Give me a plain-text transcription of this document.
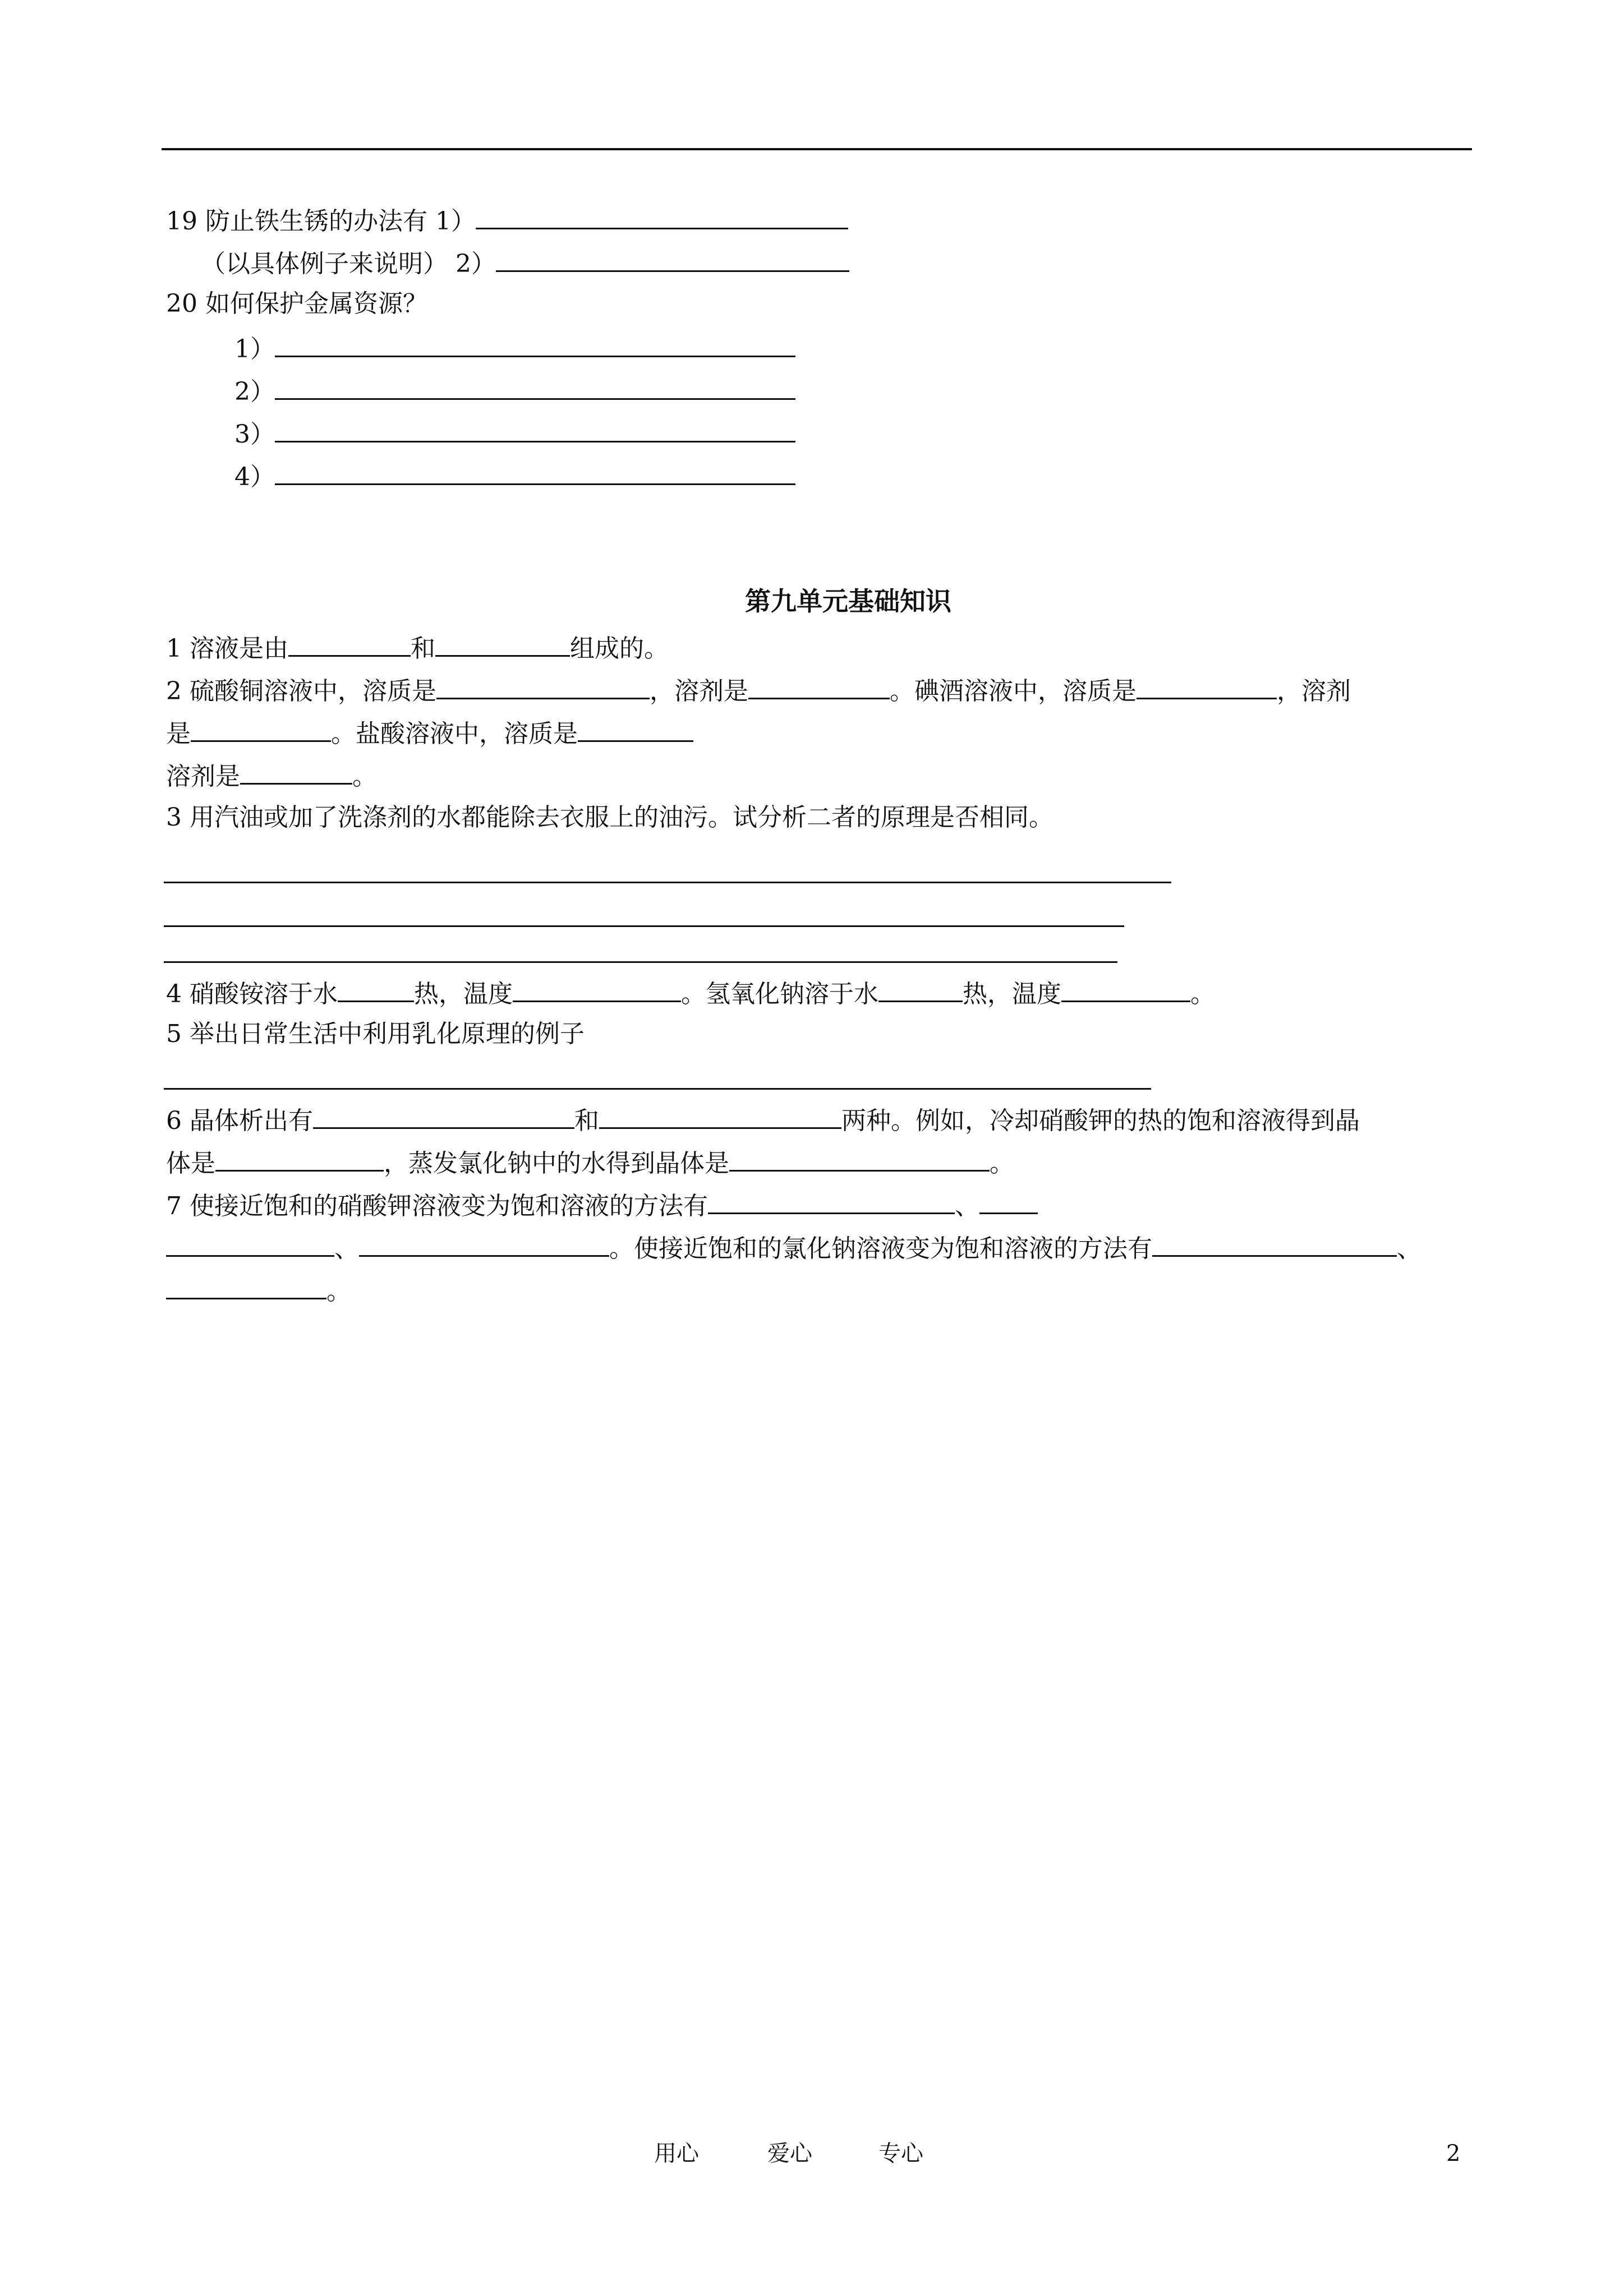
19 防止铁生锈的办法有 1）
（以具体例子来说明） 2）
20 如何保护金属资源？
1）
2）
3）
4）
第九单元基础知识
1 溶液是由	和	组成的。
2 硫酸铜溶液中，溶质是	，溶剂是	。碘酒溶液中，溶质是	，溶剂
是	。盐酸溶液中，溶质是
溶剂是	。
3 用汽油或加了洗涤剂的水都能除去衣服上的油污。试分析二者的原理是否相同。
4 硝酸铵溶于水	热，温度	。氢氧化钠溶于水	热，温度	。
5 举出日常生活中利用乳化原理的例子
6 晶体析出有	和	两种。例如，冷却硝酸钾的热的饱和溶液得到晶
体是	，蒸发氯化钠中的水得到晶体是	。
7 使接近饱和的硝酸钾溶液变为饱和溶液的方法有	、
、	。使接近饱和的氯化钠溶液变为饱和溶液的方法有	、
。
用心	爱心	专心	2
